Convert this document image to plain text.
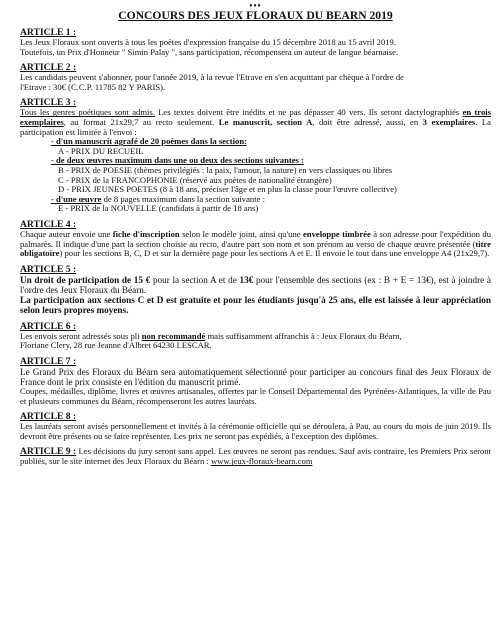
♦♦♦
CONCOURS DES JEUX FLORAUX DU BEARN 2019
ARTICLE 1 :

Les Jeux Floraux sont ouverts à tous les poètes d'expression française du 15 décembre 2018 au 15 avril 2019.

Toutefois, un Prix d'Honneur " Simin Palay ", sans participation, récompensera un auteur de langue béarnaise.

ARTICLE 2 :

Les candidats peuvent s'abonner, pour l'année 2019, à la revue l'Etrave en s'en acquittant par chèque à l'ordre de

l'Etrave : 30€ (C.C.P. 11785 82 Y PARIS).

ARTICLE 3 :

Tous les genres poétiques sont admis. Les textes doivent être inédits et ne pas dépasser 40 vers. Ils seront dactylographiés en trois exemplaires, au format 21x29,7 au recto seulement. Le manuscrit, section A, doit être adressé, aussi, en 3 exemplaires. La participation est limitée à l'envoi :

- d'un manuscrit agrafé de 20 poèmes dans la section:

A - PRIX DU RECUEIL

- de deux œuvres maximum dans une ou deux des sections suivantes :

B - PRIX de POESIE (thèmes privilégiés : la paix, l'amour, la nature) en vers classiques ou libres

C - PRIX de la FRANCOPHONIE (réservé aux poètes de nationalité étrangère)

D - PRIX JEUNES POETES (8 à 18 ans, préciser l'âge et en plus la classe pour l'œuvre collective)

- d'une œuvre de 8 pages maximum dans la section suivante :

E - PRIX de la NOUVELLE (candidats à partir de 18 ans)

ARTICLE 4 :

Chaque auteur envoie une fiche d'inscription selon le modèle joint, ainsi qu'une enveloppe timbrée à son adresse pour l'expédition du palmarès. Il indique d'une part la section choisie au recto, d'autre part son nom et son prénom au verso de chaque œuvre présentée (titre obligatoire) pour les sections B, C, D et sur la dernière page pour les sections A et E. Il envoie le tout dans une enveloppe A4 (21x29,7).

ARTICLE 5 :

Un droit de participation de 15 € pour la section A et de 13€ pour l'ensemble des sections (ex : B + E = 13€), est à joindre à l'ordre des Jeux Floraux du Béarn.

La participation aux sections C et D est gratuite et pour les étudiants jusqu'à 25 ans, elle est laissée à leur appréciation selon leurs propres moyens.

ARTICLE 6 :

Les envois seront adressés sous pli non recommandé mais suffisamment affranchis à : Jeux Floraux du Béarn,

Floriane Clery, 28 rue Jeanne d'Albret 64230 LESCAR.

ARTICLE 7 :

Le Grand Prix des Floraux du Béarn sera automatiquement sélectionné pour participer au concours final des Jeux Floraux de France dont le prix consiste en l'édition du manuscrit primé.

Coupes, médailles, diplôme, livres et œuvres artisanales, offertes par le Conseil Départemental des Pyrénées-Atlantiques, la ville de Pau et plusieurs communes du Béarn, récompenseront les autres lauréats.

ARTICLE 8 :

Les lauréats seront avisés personnellement et invités à la cérémonie officielle qui se déroulera, à Pau, au cours du mois de juin 2019. Ils devront être présents ou se faire représenter. Les prix ne seront pas expédiés, à l'exception des diplômes.

ARTICLE 9 : Les décisions du jury seront sans appel. Les œuvres ne seront pas rendues. Sauf avis contraire, les Premiers Prix seront publiés, sur le site internet des Jeux Floraux du Béarn : www.jeux-floraux-bearn.com
